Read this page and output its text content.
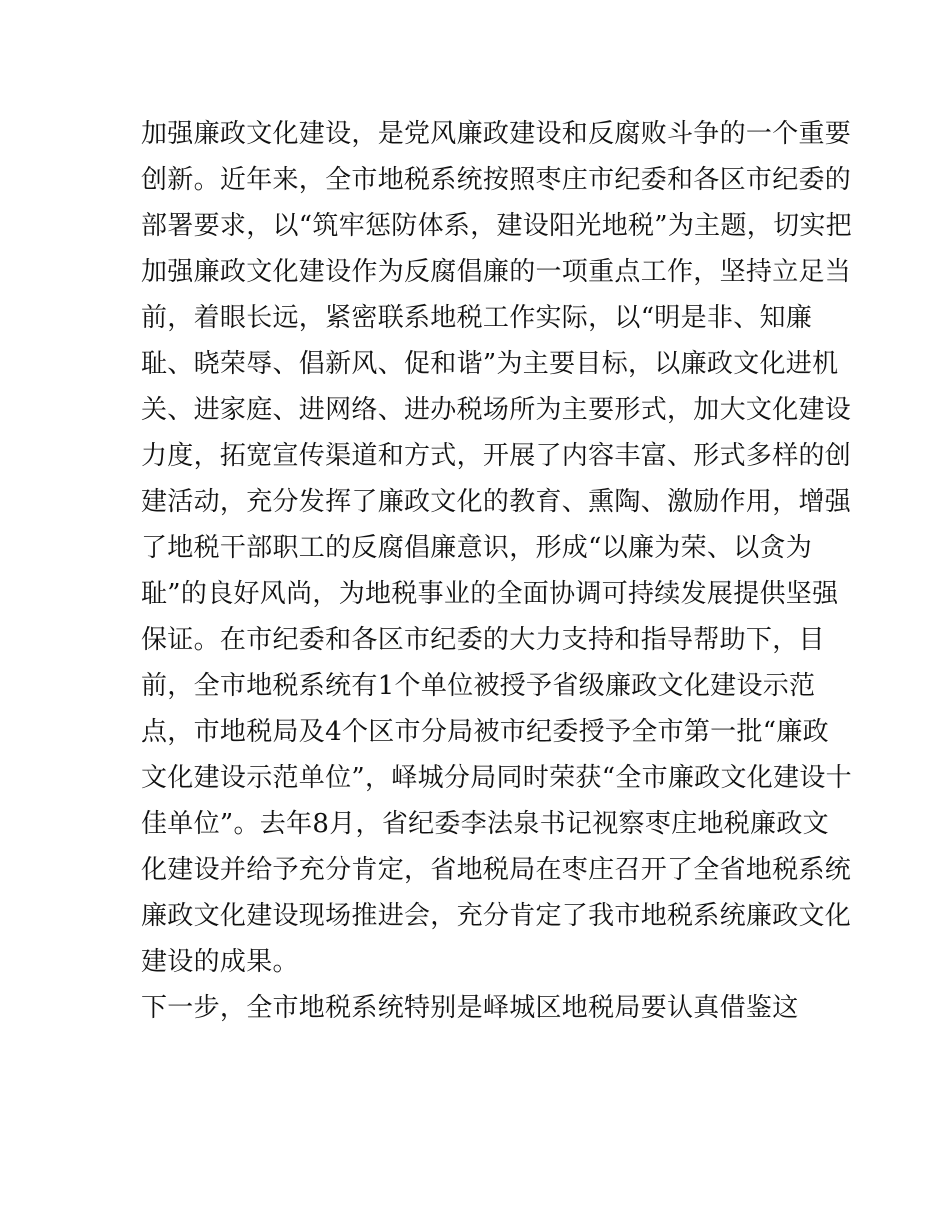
加强廉政文化建设，是党风廉政建设和反腐败斗争的一个重要
创新。近年来，全市地税系统按照枣庄市纪委和各区市纪委的
部署要求，以“筑牢惩防体系，建设阳光地税”为主题，切实把
加强廉政文化建设作为反腐倡廉的一项重点工作，坚持立足当
前，着眼长远，紧密联系地税工作实际，以“明是非、知廉
耻、晓荣辱、倡新风、促和谐”为主要目标，以廉政文化进机
关、进家庭、进网络、进办税场所为主要形式，加大文化建设
力度，拓宽宣传渠道和方式，开展了内容丰富、形式多样的创
建活动，充分发挥了廉政文化的教育、熏陶、激励作用，增强
了地税干部职工的反腐倡廉意识，形成“以廉为荣、以贪为
耻”的良好风尚，为地税事业的全面协调可持续发展提供坚强
保证。在市纪委和各区市纪委的大力支持和指导帮助下，目
前，全市地税系统有1个单位被授予省级廉政文化建设示范
点，市地税局及4个区市分局被市纪委授予全市第一批“廉政
文化建设示范单位”，峄城分局同时荣获“全市廉政文化建设十
佳单位”。去年8月，省纪委李法泉书记视察枣庄地税廉政文
化建设并给予充分肯定，省地税局在枣庄召开了全省地税系统
廉政文化建设现场推进会，充分肯定了我市地税系统廉政文化
建设的成果。
下一步，全市地税系统特别是峄城区地税局要认真借鉴这
